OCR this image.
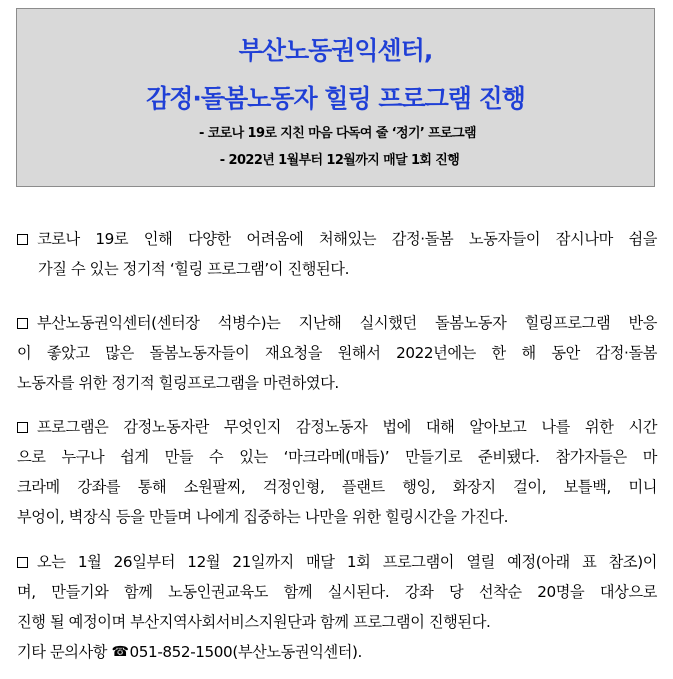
부산노동권익센터,
감정·돌봄노동자 힐링 프로그램 진행
- 코로나 19로 지친 마음 다독여 줄 ‘정기’ 프로그램
- 2022년 1월부터 12월까지 매달 1회 진행
코로나 19로 인해 다양한 어려움에 처해있는 감정·돌봄 노동자들이 잠시나마 쉼을
가질 수 있는 정기적 ‘힐링 프로그램’이 진행된다.
부산노동권익센터(센터장 석병수)는 지난해 실시했던 돌봄노동자 힐링프로그램 반응
이 좋았고 많은 돌봄노동자들이 재요청을 원해서 2022년에는 한 해 동안 감정·돌봄
노동자를 위한 정기적 힐링프로그램을 마련하였다.
프로그램은 감정노동자란 무엇인지 감정노동자 법에 대해 알아보고 나를 위한 시간
으로 누구나 쉽게 만들 수 있는 ‘마크라메(매듭)’ 만들기로 준비됐다. 참가자들은 마
크라메 강좌를 통해 소원팔찌, 걱정인형, 플랜트 행잉, 화장지 걸이, 보틀백, 미니
부엉이, 벽장식 등을 만들며 나에게 집중하는 나만을 위한 힐링시간을 가진다.
오는 1월 26일부터 12월 21일까지 매달 1회 프로그램이 열릴 예정(아래 표 참조)이
며, 만들기와 함께 노동인권교육도 함께 실시된다. 강좌 당 선착순 20명을 대상으로
진행 될 예정이며 부산지역사회서비스지원단과 함께 프로그램이 진행된다.
기타 문의사항 ☎ 051-852-1500(부산노동권익센터).
